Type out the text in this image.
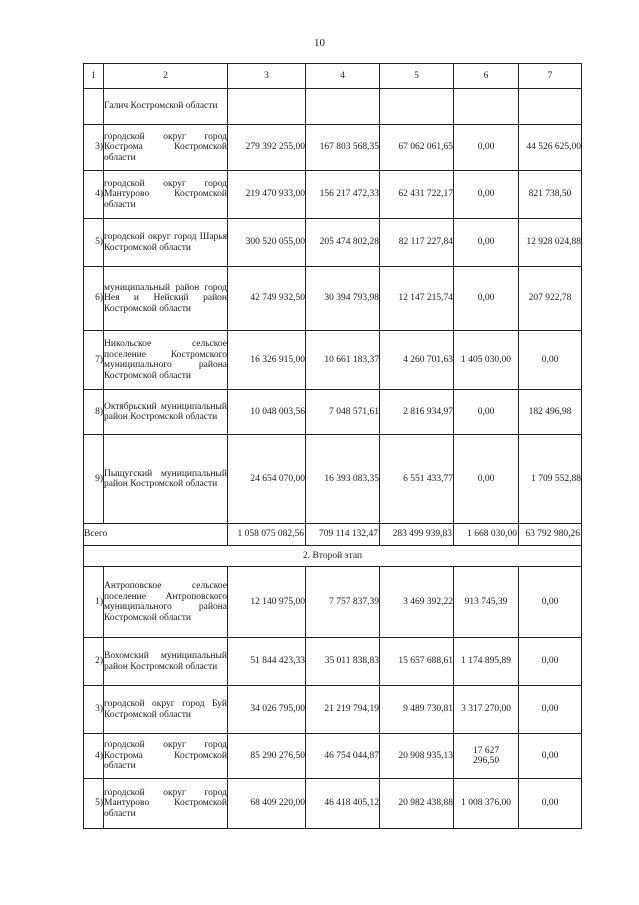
10
1	2	3	4	5	6	7
	Галич Костромской области					
3)	городской округ город Кострома Костромской области	279 392 255,00	167 803 568,35	67 062 061,65	0,00	44 526 625,00
4)	городской округ город Мантурово Костромской области	219 470 933,00	156 217 472,33	62 431 722,17	0,00	821 738,50
5)	городской округ город Шарья Костромской области	300 520 055,00	205 474 802,28	82 117 227,84	0,00	12 928 024,88
6)	муниципальный район город Нея и Нейский район Костромской области	42 749 932,50	30 394 793,98	12 147 215,74	0,00	207 922,78
7)	Никольское сельское поселение Костромского муниципального района Костромской области	16 326 915,00	10 661 183,37	4 260 701,63	1 405 030,00	0,00
8)	Октябрьский муниципальный район Костромской области	10 048 003,56	7 048 571,61	2 816 934,97	0,00	182 496,98
9)	Пыщугский муниципальный район Костромской области	24 654 070,00	16 393 083,35	6 551 433,77	0,00	1 709 552,88
Всего		1 058 075 082,56	709 114 132,47	283 499 939,83	1 668 030,00	63 792 980,26
2. Второй этап						
1)	Антроповское сельское поселение Антроповского муниципального района Костромской области	12 140 975,00	7 757 837,39	3 469 392,22	913 745,39	0,00
2)	Вохомский муниципальный район Костромской области	51 844 423,33	35 011 838,83	15 657 688,61	1 174 895,89	0,00
3)	городской округ город Буй Костромской области	34 026 795,00	21 219 794,19	9 489 730,81	3 317 270,00	0,00
4)	городской округ город Кострома Костромской области	85 290 276,50	46 754 044,87	20 908 935,13	17 627 296,50	0,00
5)	городской округ город Мантурово Костромской области	68 409 220,00	46 418 405,12	20 982 438,88	1 008 376,00	0,00
